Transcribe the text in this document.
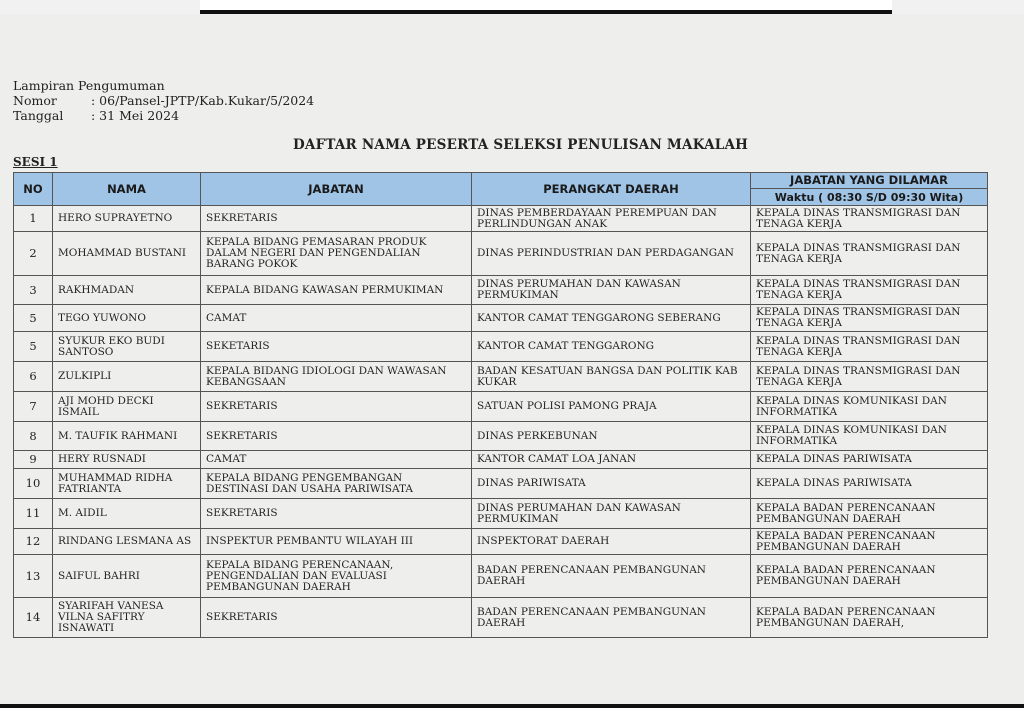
Lampiran Pengumuman
Nomor	: 06/Pansel-JPTP/Kab.Kukar/5/2024
Tanggal	: 31 Mei 2024
DAFTAR NAMA PESERTA SELEKSI PENULISAN MAKALAH
SESI 1
NO	NAMA	JABATAN	PERANGKAT DAERAH	JABATAN YANG DILAMAR
				Waktu ( 08:30 S/D 09:30 Wita)
1	HERO SUPRAYETNO	SEKRETARIS	DINAS PEMBERDAYAAN PEREMPUAN DAN PERLINDUNGAN ANAK	KEPALA DINAS TRANSMIGRASI DAN TENAGA KERJA
2	MOHAMMAD BUSTANI	KEPALA BIDANG PEMASARAN PRODUK DALAM NEGERI DAN PENGENDALIAN BARANG POKOK	DINAS PERINDUSTRIAN DAN PERDAGANGAN	KEPALA DINAS TRANSMIGRASI DAN TENAGA KERJA
3	RAKHMADAN	KEPALA BIDANG KAWASAN PERMUKIMAN	DINAS PERUMAHAN DAN KAWASAN PERMUKIMAN	KEPALA DINAS TRANSMIGRASI DAN TENAGA KERJA
5	TEGO YUWONO	CAMAT	KANTOR CAMAT TENGGARONG SEBERANG	KEPALA DINAS TRANSMIGRASI DAN TENAGA KERJA
5	SYUKUR EKO BUDI SANTOSO	SEKETARIS	KANTOR CAMAT TENGGARONG	KEPALA DINAS TRANSMIGRASI DAN TENAGA KERJA
6	ZULKIPLI	KEPALA BIDANG IDIOLOGI DAN WAWASAN KEBANGSAAN	BADAN KESATUAN BANGSA DAN POLITIK KAB KUKAR	KEPALA DINAS TRANSMIGRASI DAN TENAGA KERJA
7	AJI MOHD DECKI ISMAIL	SEKRETARIS	SATUAN POLISI PAMONG PRAJA	KEPALA DINAS KOMUNIKASI DAN INFORMATIKA
8	M. TAUFIK RAHMANI	SEKRETARIS	DINAS PERKEBUNAN	KEPALA DINAS KOMUNIKASI DAN INFORMATIKA
9	HERY RUSNADI	CAMAT	KANTOR CAMAT LOA JANAN	KEPALA DINAS PARIWISATA
10	MUHAMMAD RIDHA FATRIANTA	KEPALA BIDANG PENGEMBANGAN DESTINASI DAN USAHA PARIWISATA	DINAS PARIWISATA	KEPALA DINAS PARIWISATA
11	M. AIDIL	SEKRETARIS	DINAS PERUMAHAN DAN KAWASAN PERMUKIMAN	KEPALA BADAN PERENCANAAN PEMBANGUNAN DAERAH
12	RINDANG LESMANA AS	INSPEKTUR PEMBANTU WILAYAH III	INSPEKTORAT DAERAH	KEPALA BADAN PERENCANAAN PEMBANGUNAN DAERAH
13	SAIFUL BAHRI	KEPALA BIDANG PERENCANAAN, PENGENDALIAN DAN EVALUASI PEMBANGUNAN DAERAH	BADAN PERENCANAAN PEMBANGUNAN DAERAH	KEPALA BADAN PERENCANAAN PEMBANGUNAN DAERAH
14	SYARIFAH VANESA VILNA SAFITRY ISNAWATI	SEKRETARIS	BADAN PERENCANAAN PEMBANGUNAN DAERAH	KEPALA BADAN PERENCANAAN PEMBANGUNAN DAERAH,
